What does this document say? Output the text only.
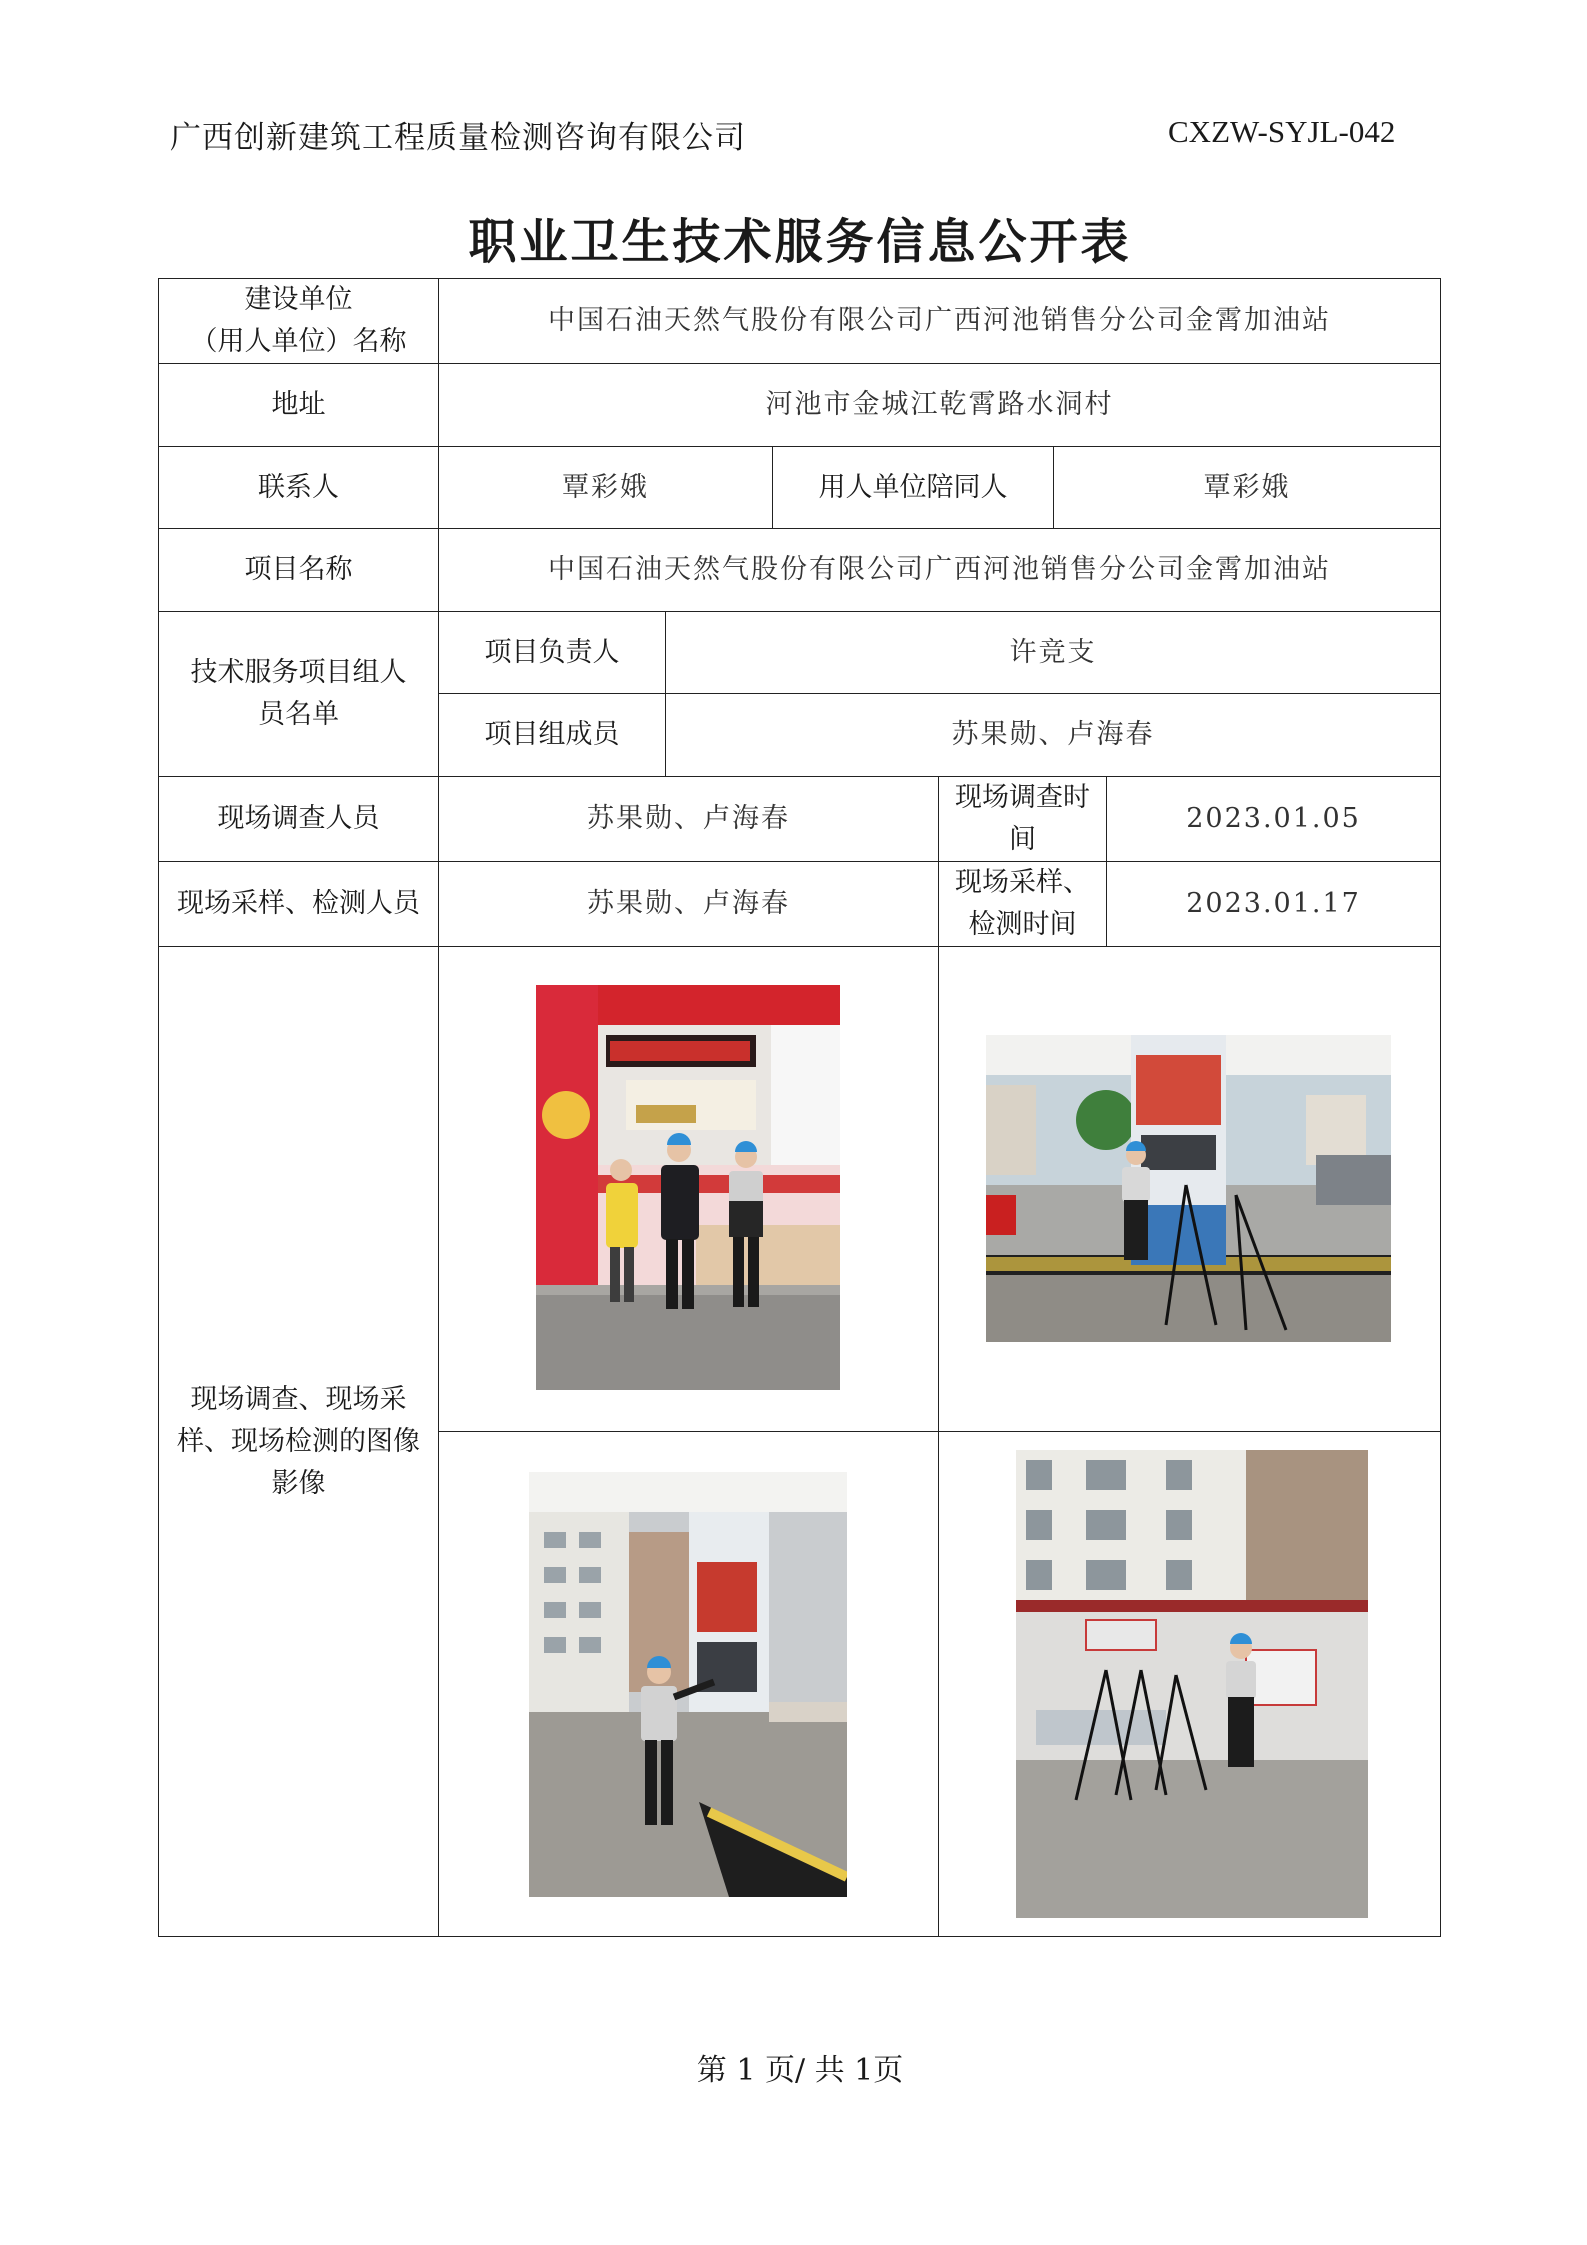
广西创新建筑工程质量检测咨询有限公司	CXZW-SYJL-042
职业卫生技术服务信息公开表
建设单位
（用人单位）名称	中国石油天然气股份有限公司广西河池销售分公司金霄加油站					
地址	河池市金城江乾霄路水洞村					
联系人	覃彩娥		用人单位陪同人		覃彩娥	
项目名称	中国石油天然气股份有限公司广西河池销售分公司金霄加油站					

技术服务项目组人
员名单	项目负责人	许竞支				
	项目组成员	苏果勋、卢海春				
现场调查人员	苏果勋、卢海春			现场调查时间		2023.01.05
现场采样、检测人员	苏果勋、卢海春			现场采样、检测时间		2023.01.17

现场调查、现场采
样、现场检测的图像
影像

第 1 页/ 共 1页
